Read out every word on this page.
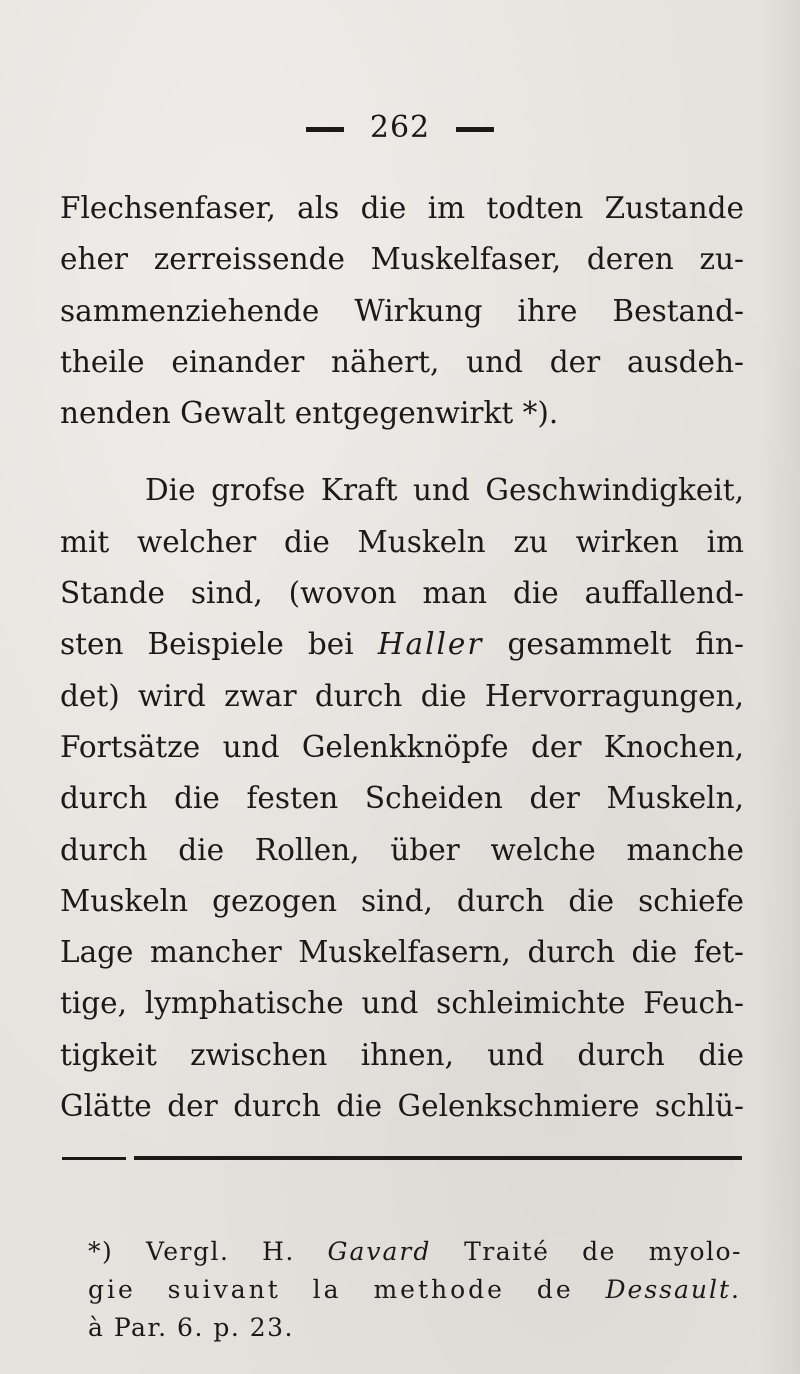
262
Flechsenfaser, als die im todten Zustande
eher zerreissende Muskelfaser, deren zu-
sammenziehende Wirkung ihre Bestand-
theile einander nähert, und der ausdeh-
nenden Gewalt entgegenwirkt *).
Die grofse Kraft und Geschwindigkeit,
mit welcher die Muskeln zu wirken im
Stande sind, (wovon man die auffallend-
sten Beispiele bei Haller gesammelt fin-
det) wird zwar durch die Hervorragungen,
Fortsätze und Gelenkknöpfe der Knochen,
durch die festen Scheiden der Muskeln,
durch die Rollen, über welche manche
Muskeln gezogen sind, durch die schiefe
Lage mancher Muskelfasern, durch die fet-
tige, lymphatische und schleimichte Feuch-
tigkeit zwischen ihnen, und durch die
Glätte der durch die Gelenkschmiere schlü-
*) Vergl. H. Gavard Traité de myolo-
gie suivant la methode de Dessault.
à Par. 6. p. 23.
